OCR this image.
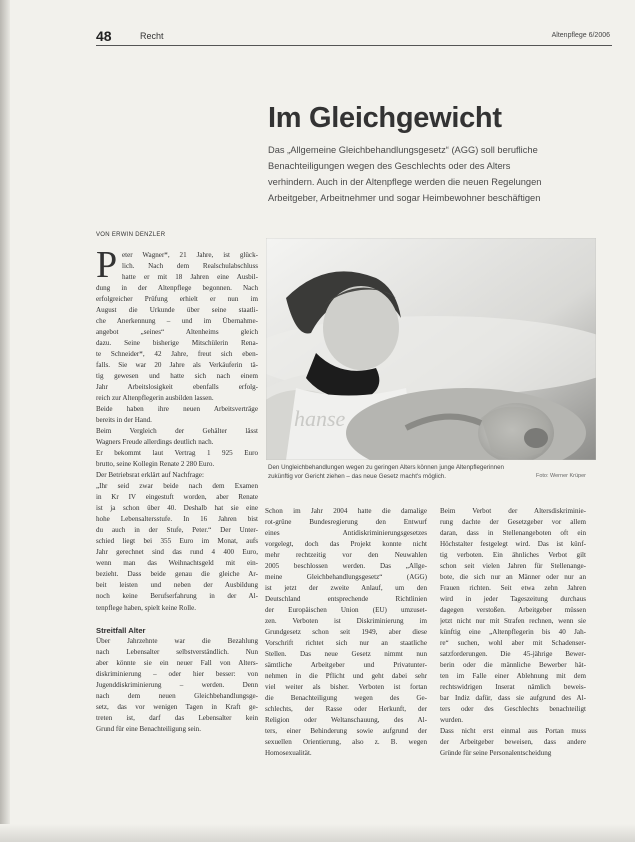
48	Recht	Altenpflege 6/2006
Im Gleichgewicht
Das „Allgemeine Gleichbehandlungsgesetz“ (AGG) soll berufliche
Benachteiligungen wegen des Geschlechts oder des Alters
verhindern. Auch in der Altenpflege werden die neuen Regelungen
Arbeitgeber, Arbeitnehmer und sogar Heimbewohner beschäftigen
VON ERWIN DENZLER
P eter Wagner*, 21 Jahre, ist glück-
lich. Nach dem Realschulabschluss
hatte er mit 18 Jahren eine Ausbil-
dung in der Altenpflege begonnen. Nach
erfolgreicher Prüfung erhielt er nun im
August die Urkunde über seine staatli-
che Anerkennung – und im Übernahme-
angebot „seines“ Altenheims gleich
dazu. Seine bisherige Mitschülerin Rena-
te Schneider*, 42 Jahre, freut sich eben-
falls. Sie war 20 Jahre als Verkäuferin tä-
tig gewesen und hatte sich nach einem
Jahr Arbeitslosigkeit ebenfalls erfolg-
reich zur Altenpflegerin ausbilden lassen.
Beide haben ihre neuen Arbeitsverträge
bereits in der Hand.
Beim Vergleich der Gehälter lässt
Wagners Freude allerdings deutlich nach.
Er bekommt laut Vertrag 1 925 Euro
brutto, seine Kollegin Renate 2 280 Euro.
Der Betriebsrat erklärt auf Nachfrage:
„Ihr seid zwar beide nach dem Examen
in Kr IV eingestuft worden, aber Renate
ist ja schon über 40. Deshalb hat sie eine
hohe Lebensaltersstufe. In 16 Jahren bist
du auch in der Stufe, Peter.“ Der Unter-
schied liegt bei 355 Euro im Monat, aufs
Jahr gerechnet sind das rund 4 400 Euro,
wenn man das Weihnachtsgeld mit ein-
bezieht. Dass beide genau die gleiche Ar-
beit leisten und neben der Ausbildung
noch keine Berufserfahrung in der Al-
tenpflege haben, spielt keine Rolle.

Streitfall Alter
Über Jahrzehnte war die Bezahlung
nach Lebensalter selbstverständlich. Nun
aber könnte sie ein neuer Fall von Alters-
diskriminierung – oder hier besser: von
Jugenddiskriminierung – werden. Denn
nach dem neuen Gleichbehandlungsge-
setz, das vor wenigen Tagen in Kraft ge-
treten ist, darf das Lebensalter kein
Grund für eine Benachteiligung sein.
hanse
Den Ungleichbehandlungen wegen zu geringen Alters können junge Altenpflegerinnen
zukünftig vor Gericht ziehen – das neue Gesetz macht's möglich.	Foto: Werner Krüper
Schon im Jahr 2004 hatte die damalige
rot-grüne Bundesregierung den Entwurf
eines Antidiskriminierungsgesetzes
vorgelegt, doch das Projekt konnte nicht
mehr rechtzeitig vor den Neuwahlen
2005 beschlossen werden. Das „Allge-
meine Gleichbehandlungsgesetz“ (AGG)
ist jetzt der zweite Anlauf, um den
Deutschland entsprechende Richtlinien
der Europäischen Union (EU) umzuset-
zen. Verboten ist Diskriminierung im
Grundgesetz schon seit 1949, aber diese
Vorschrift richtet sich nur an staatliche
Stellen. Das neue Gesetz nimmt nun
sämtliche Arbeitgeber und Privatunter-
nehmen in die Pflicht und geht dabei sehr
viel weiter als bisher. Verboten ist fortan
die Benachteiligung wegen des Ge-
schlechts, der Rasse oder Herkunft, der
Religion oder Weltanschauung, des Al-
ters, einer Behinderung sowie aufgrund der
sexuellen Orientierung, also z. B. wegen
Homosexualität.
Beim Verbot der Altersdiskriminie-
rung dachte der Gesetzgeber vor allem
daran, dass in Stellenangeboten oft ein
Höchstalter festgelegt wird. Das ist künf-
tig verboten. Ein ähnliches Verbot gilt
schon seit vielen Jahren für Stellenange-
bote, die sich nur an Männer oder nur an
Frauen richten. Seit etwa zehn Jahren
wird in jeder Tageszeitung durchaus
dagegen verstoßen. Arbeitgeber müssen
jetzt nicht nur mit Strafen rechnen, wenn sie
künftig eine „Altenpflegerin bis 40 Jah-
re“ suchen, wohl aber mit Schadenser-
satzforderungen. Die 45-jährige Bewer-
berin oder die männliche Bewerber hät-
ten im Falle einer Ablehnung mit dem
rechtswidrigen Inserat nämlich beweis-
bar Indiz dafür, dass sie aufgrund des Al-
ters oder des Geschlechts benachteiligt
wurden.
Dass nicht erst einmal aus Portan muss
der Arbeitgeber beweisen, dass andere
Gründe für seine Personalentscheidung
